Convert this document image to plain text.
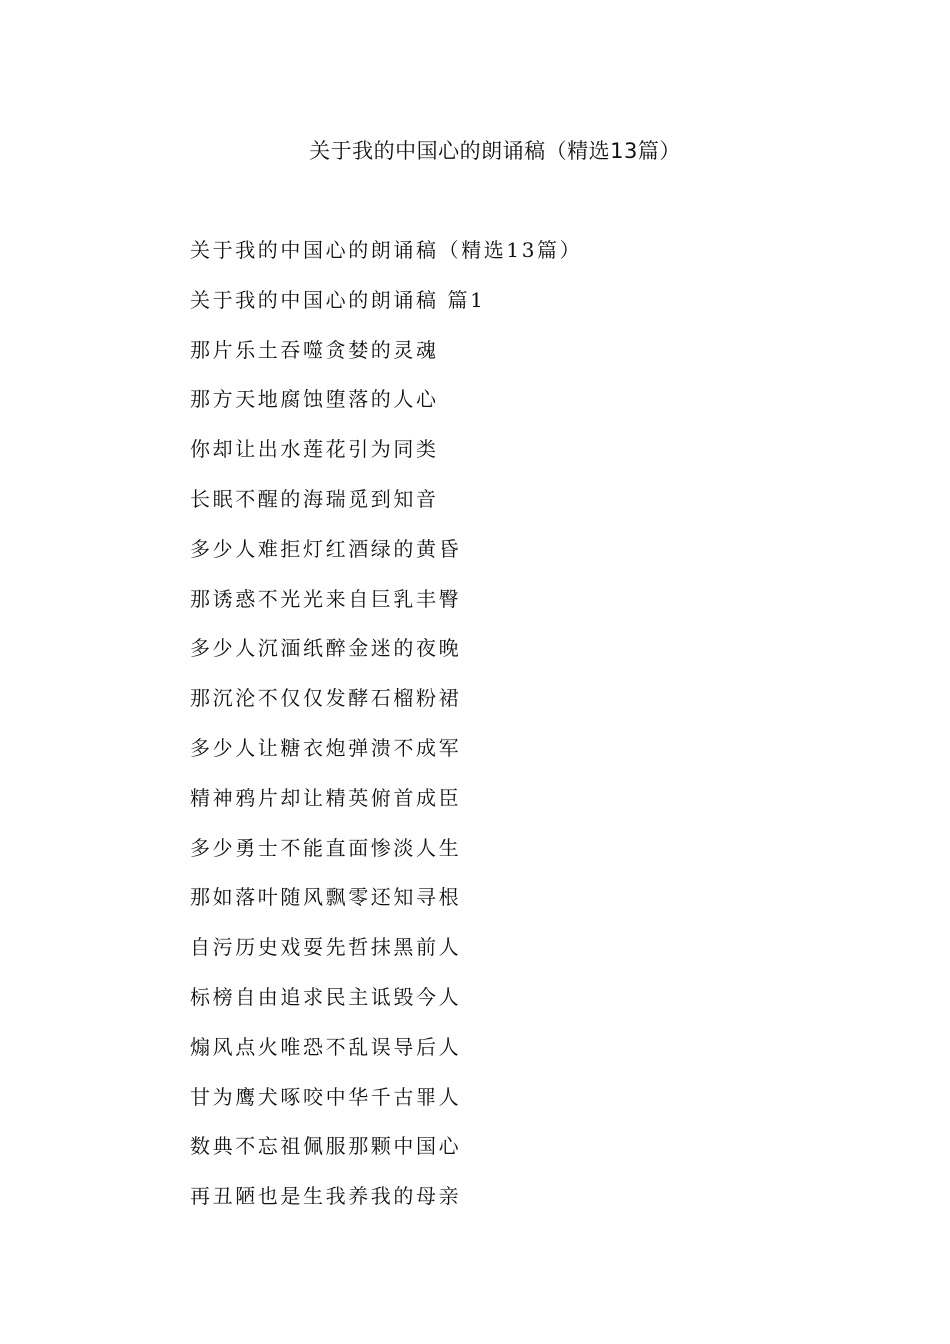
关于我的中国心的朗诵稿（精选13篇）
关于我的中国心的朗诵稿（精选13篇）
关于我的中国心的朗诵稿 篇1
那片乐土吞噬贪婪的灵魂
那方天地腐蚀堕落的人心
你却让出水莲花引为同类
长眠不醒的海瑞觅到知音
多少人难拒灯红酒绿的黄昏
那诱惑不光光来自巨乳丰臀
多少人沉湎纸醉金迷的夜晚
那沉沦不仅仅发酵石榴粉裙
多少人让糖衣炮弹溃不成军
精神鸦片却让精英俯首成臣
多少勇士不能直面惨淡人生
那如落叶随风飘零还知寻根
自污历史戏耍先哲抹黑前人
标榜自由追求民主诋毁今人
煽风点火唯恐不乱误导后人
甘为鹰犬啄咬中华千古罪人
数典不忘祖佩服那颗中国心
再丑陋也是生我养我的母亲
